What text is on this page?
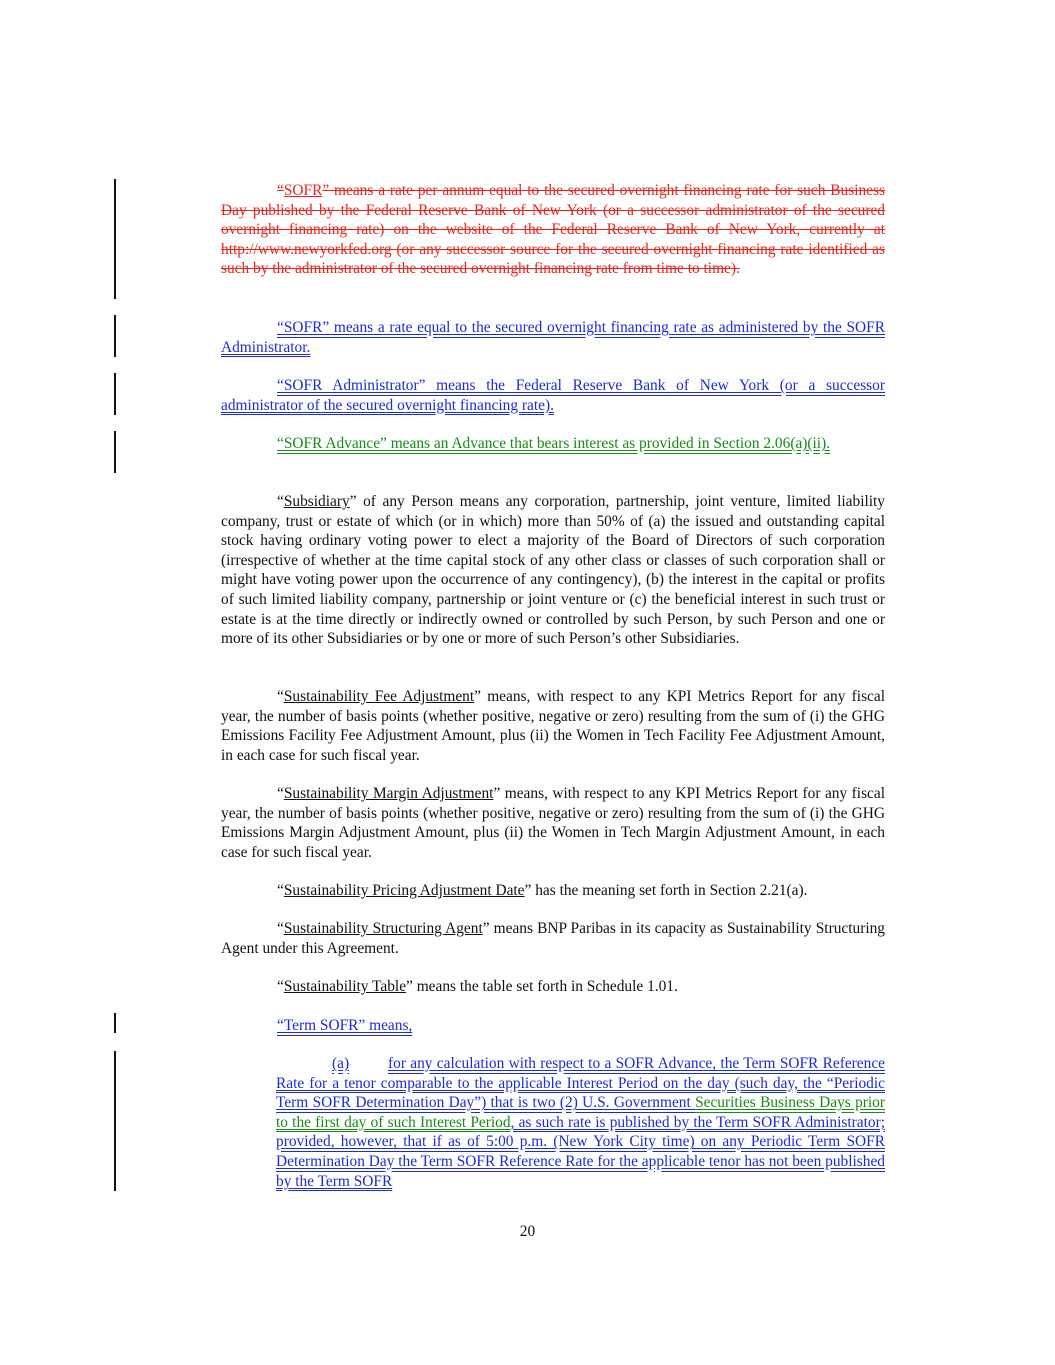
“SOFR” means a rate per annum equal to the secured overnight financing rate for such Business Day published by the Federal Reserve Bank of New York (or a successor administrator of the secured overnight financing rate) on the website of the Federal Reserve Bank of New York, currently at http://www.newyorkfed.org (or any successor source for the secured overnight financing rate identified as such by the administrator of the secured overnight financing rate from time to time).

“SOFR” means a rate equal to the secured overnight financing rate as administered by the SOFR Administrator.

“SOFR Administrator” means the Federal Reserve Bank of New York (or a successor administrator of the secured overnight financing rate).

“SOFR Advance” means an Advance that bears interest as provided in Section 2.06(a)(ii).

“Subsidiary” of any Person means any corporation, partnership, joint venture, limited liability company, trust or estate of which (or in which) more than 50% of (a) the issued and outstanding capital stock having ordinary voting power to elect a majority of the Board of Directors of such corporation (irrespective of whether at the time capital stock of any other class or classes of such corporation shall or might have voting power upon the occurrence of any contingency), (b) the interest in the capital or profits of such limited liability company, partnership or joint venture or (c) the beneficial interest in such trust or estate is at the time directly or indirectly owned or controlled by such Person, by such Person and one or more of its other Subsidiaries or by one or more of such Person’s other Subsidiaries.

“Sustainability Fee Adjustment” means, with respect to any KPI Metrics Report for any fiscal year, the number of basis points (whether positive, negative or zero) resulting from the sum of (i) the GHG Emissions Facility Fee Adjustment Amount, plus (ii) the Women in Tech Facility Fee Adjustment Amount, in each case for such fiscal year.

“Sustainability Margin Adjustment” means, with respect to any KPI Metrics Report for any fiscal year, the number of basis points (whether positive, negative or zero) resulting from the sum of (i) the GHG Emissions Margin Adjustment Amount, plus (ii) the Women in Tech Margin Adjustment Amount, in each case for such fiscal year.

“Sustainability Pricing Adjustment Date” has the meaning set forth in Section 2.21(a).

“Sustainability Structuring Agent” means BNP Paribas in its capacity as Sustainability Structuring Agent under this Agreement.

“Sustainability Table” means the table set forth in Schedule 1.01.

“Term SOFR” means,

(a)	for any calculation with respect to a SOFR Advance, the Term SOFR Reference Rate for a tenor comparable to the applicable Interest Period on the day (such day, the “Periodic Term SOFR Determination Day”) that is two (2) U.S. Government Securities Business Days prior to the first day of such Interest Period, as such rate is published by the Term SOFR Administrator; provided, however, that if as of 5:00 p.m. (New York City time) on any Periodic Term SOFR Determination Day the Term SOFR Reference Rate for the applicable tenor has not been published by the Term SOFR

20
